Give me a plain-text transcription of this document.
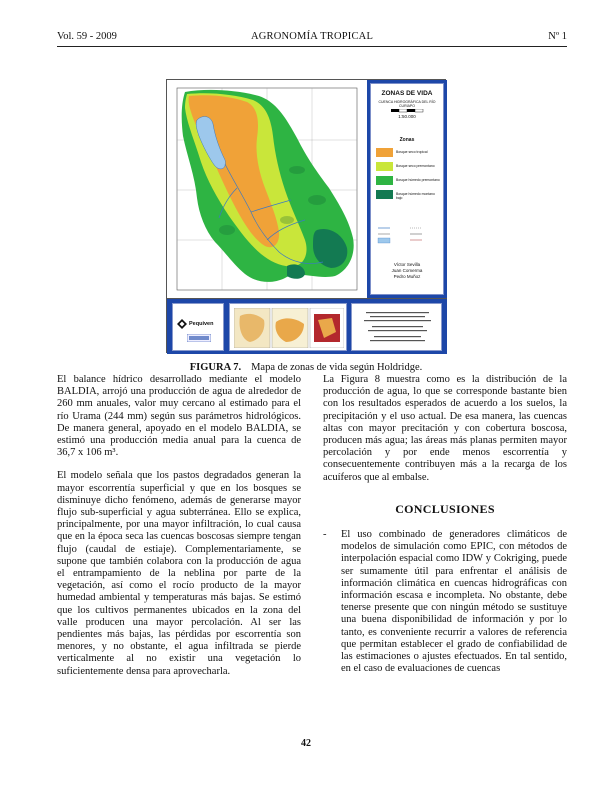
Vol. 59 - 2009	AGRONOMÍA TROPICAL	Nº 1
ZONAS DE VIDA
CUENCA HIDROGRÁFICA DEL RÍO
CURIAPO
1:50.000
Zonas
Bosque seco tropical
Bosque seco premontano
Bosque húmedo premontano
Bosque húmedo montano bajo
Víctor Sevilla
Juan Comerma
Pedro Muñoz
Pequiven
FIGURA 7. Mapa de zonas de vida según Holdridge.

El balance hídrico desarrollado mediante el modelo BALDIA, arrojó una producción de agua de alrededor de 260 mm anuales, valor muy cercano al estimado para el río Urama (244 mm) según sus parámetros hidrológicos. De manera general, apoyado en el modelo BALDIA, se estimó una producción media anual para la cuenca de 36,7 x 106 m³.

El modelo señala que los pastos degradados generan la mayor escorrentía superficial y que en los bosques se disminuye dicho fenómeno, además de generarse mayor flujo sub-superficial y agua subterránea. Ello se explica, principalmente, por una mayor infiltración, lo cual causa que en la época seca las cuencas boscosas siempre tengan flujo (caudal de estiaje). Complementariamente, se supone que también colabora con la producción de agua el entrampamiento de la neblina por parte de la vegetación, así como el rocío producto de la mayor humedad ambiental y temperaturas más bajas. Se estimó que los cultivos permanentes ubicados en la zona del valle producen una mayor percolación. Al ser las pendientes más bajas, las pérdidas por escorrentía son menores, y no obstante, el agua infiltrada se pierde verticalmente al no existir una vegetación lo suficientemente densa para aprovecharla.

La Figura 8 muestra como es la distribución de la producción de agua, lo que se corresponde bastante bien con los resultados esperados de acuerdo a los suelos, la precipitación y el uso actual. De esa manera, las cuencas altas con mayor precitación y con cobertura boscosa, producen más agua; las áreas más planas permiten mayor percolación y por ende menos escorrentía y consecuentemente contribuyen más a la recarga de los acuíferos que al embalse.

CONCLUSIONES
- El uso combinado de generadores climáticos de modelos de simulación como EPIC, con métodos de interpolación espacial como IDW y Cokriging, puede ser sumamente útil para enfrentar el análisis de información climática en cuencas hidrográficas con información escasa e incompleta. No obstante, debe tenerse presente que con ningún método se sustituye una buena disponibilidad de información y por lo tanto, es conveniente recurrir a valores de referencia que permitan establecer el grado de confiabilidad de las estimaciones o ajustes efectuados. En tal sentido, en el caso de evaluaciones de cuencas
42
